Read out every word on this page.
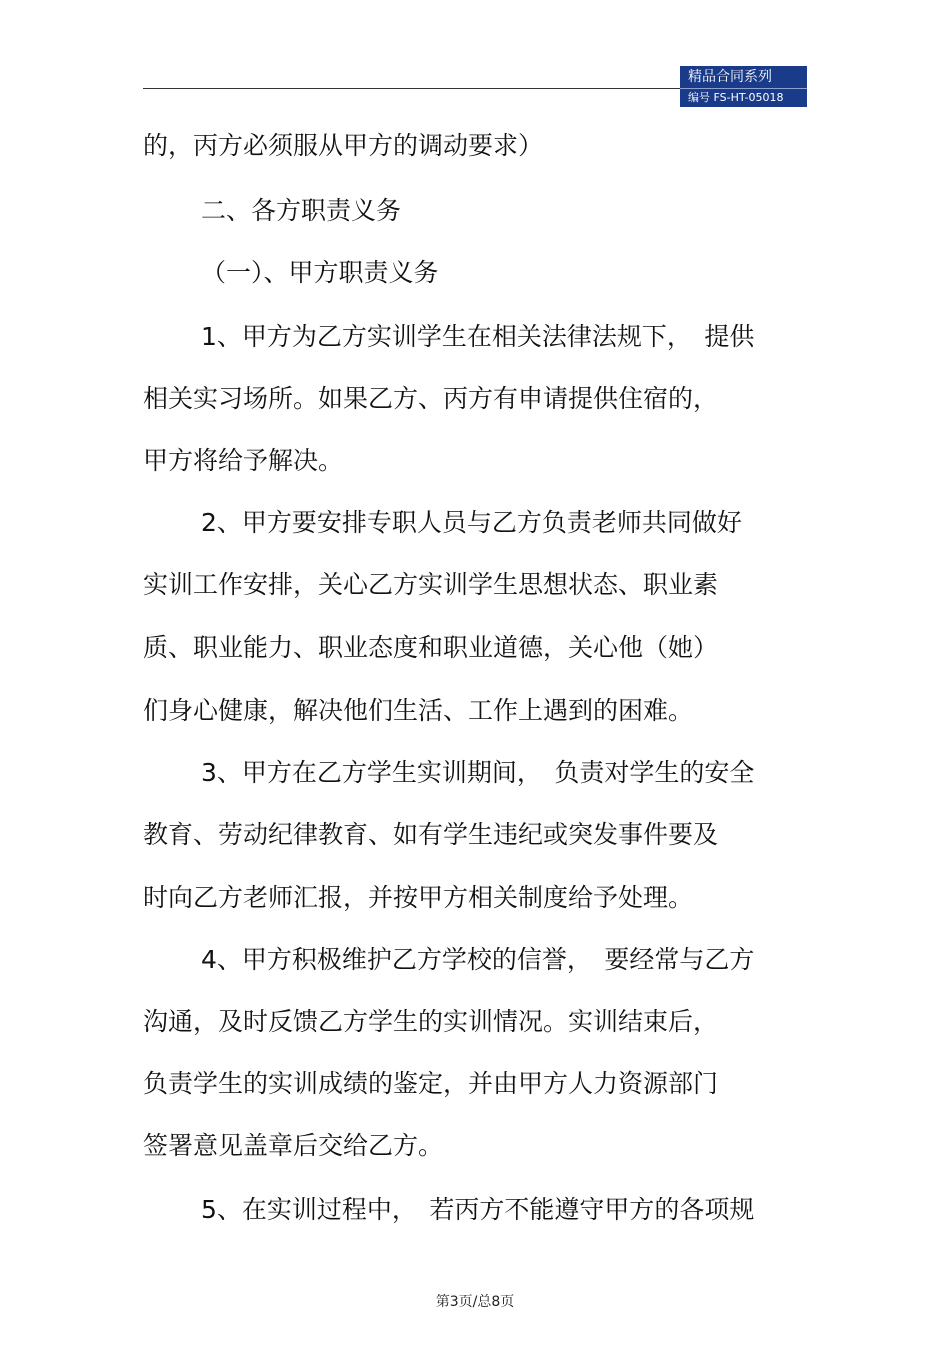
精品合同系列
编号 FS-HT-05018

的，丙方必须服从甲方的调动要求）

二、各方职责义务

（一）、甲方职责义务

1、甲方为乙方实训学生在相关法律法规下，　提供

相关实习场所。如果乙方、丙方有申请提供住宿的，

甲方将给予解决。

2、甲方要安排专职人员与乙方负责老师共同做好

实训工作安排，关心乙方实训学生思想状态、职业素

质、职业能力、职业态度和职业道德，关心他（她）

们身心健康，解决他们生活、工作上遇到的困难。

3、甲方在乙方学生实训期间，　负责对学生的安全

教育、劳动纪律教育、如有学生违纪或突发事件要及

时向乙方老师汇报，并按甲方相关制度给予处理。

4、甲方积极维护乙方学校的信誉，　要经常与乙方

沟通，及时反馈乙方学生的实训情况。实训结束后，

负责学生的实训成绩的鉴定，并由甲方人力资源部门

签署意见盖章后交给乙方。

5、在实训过程中，　若丙方不能遵守甲方的各项规

第3页/总8页
